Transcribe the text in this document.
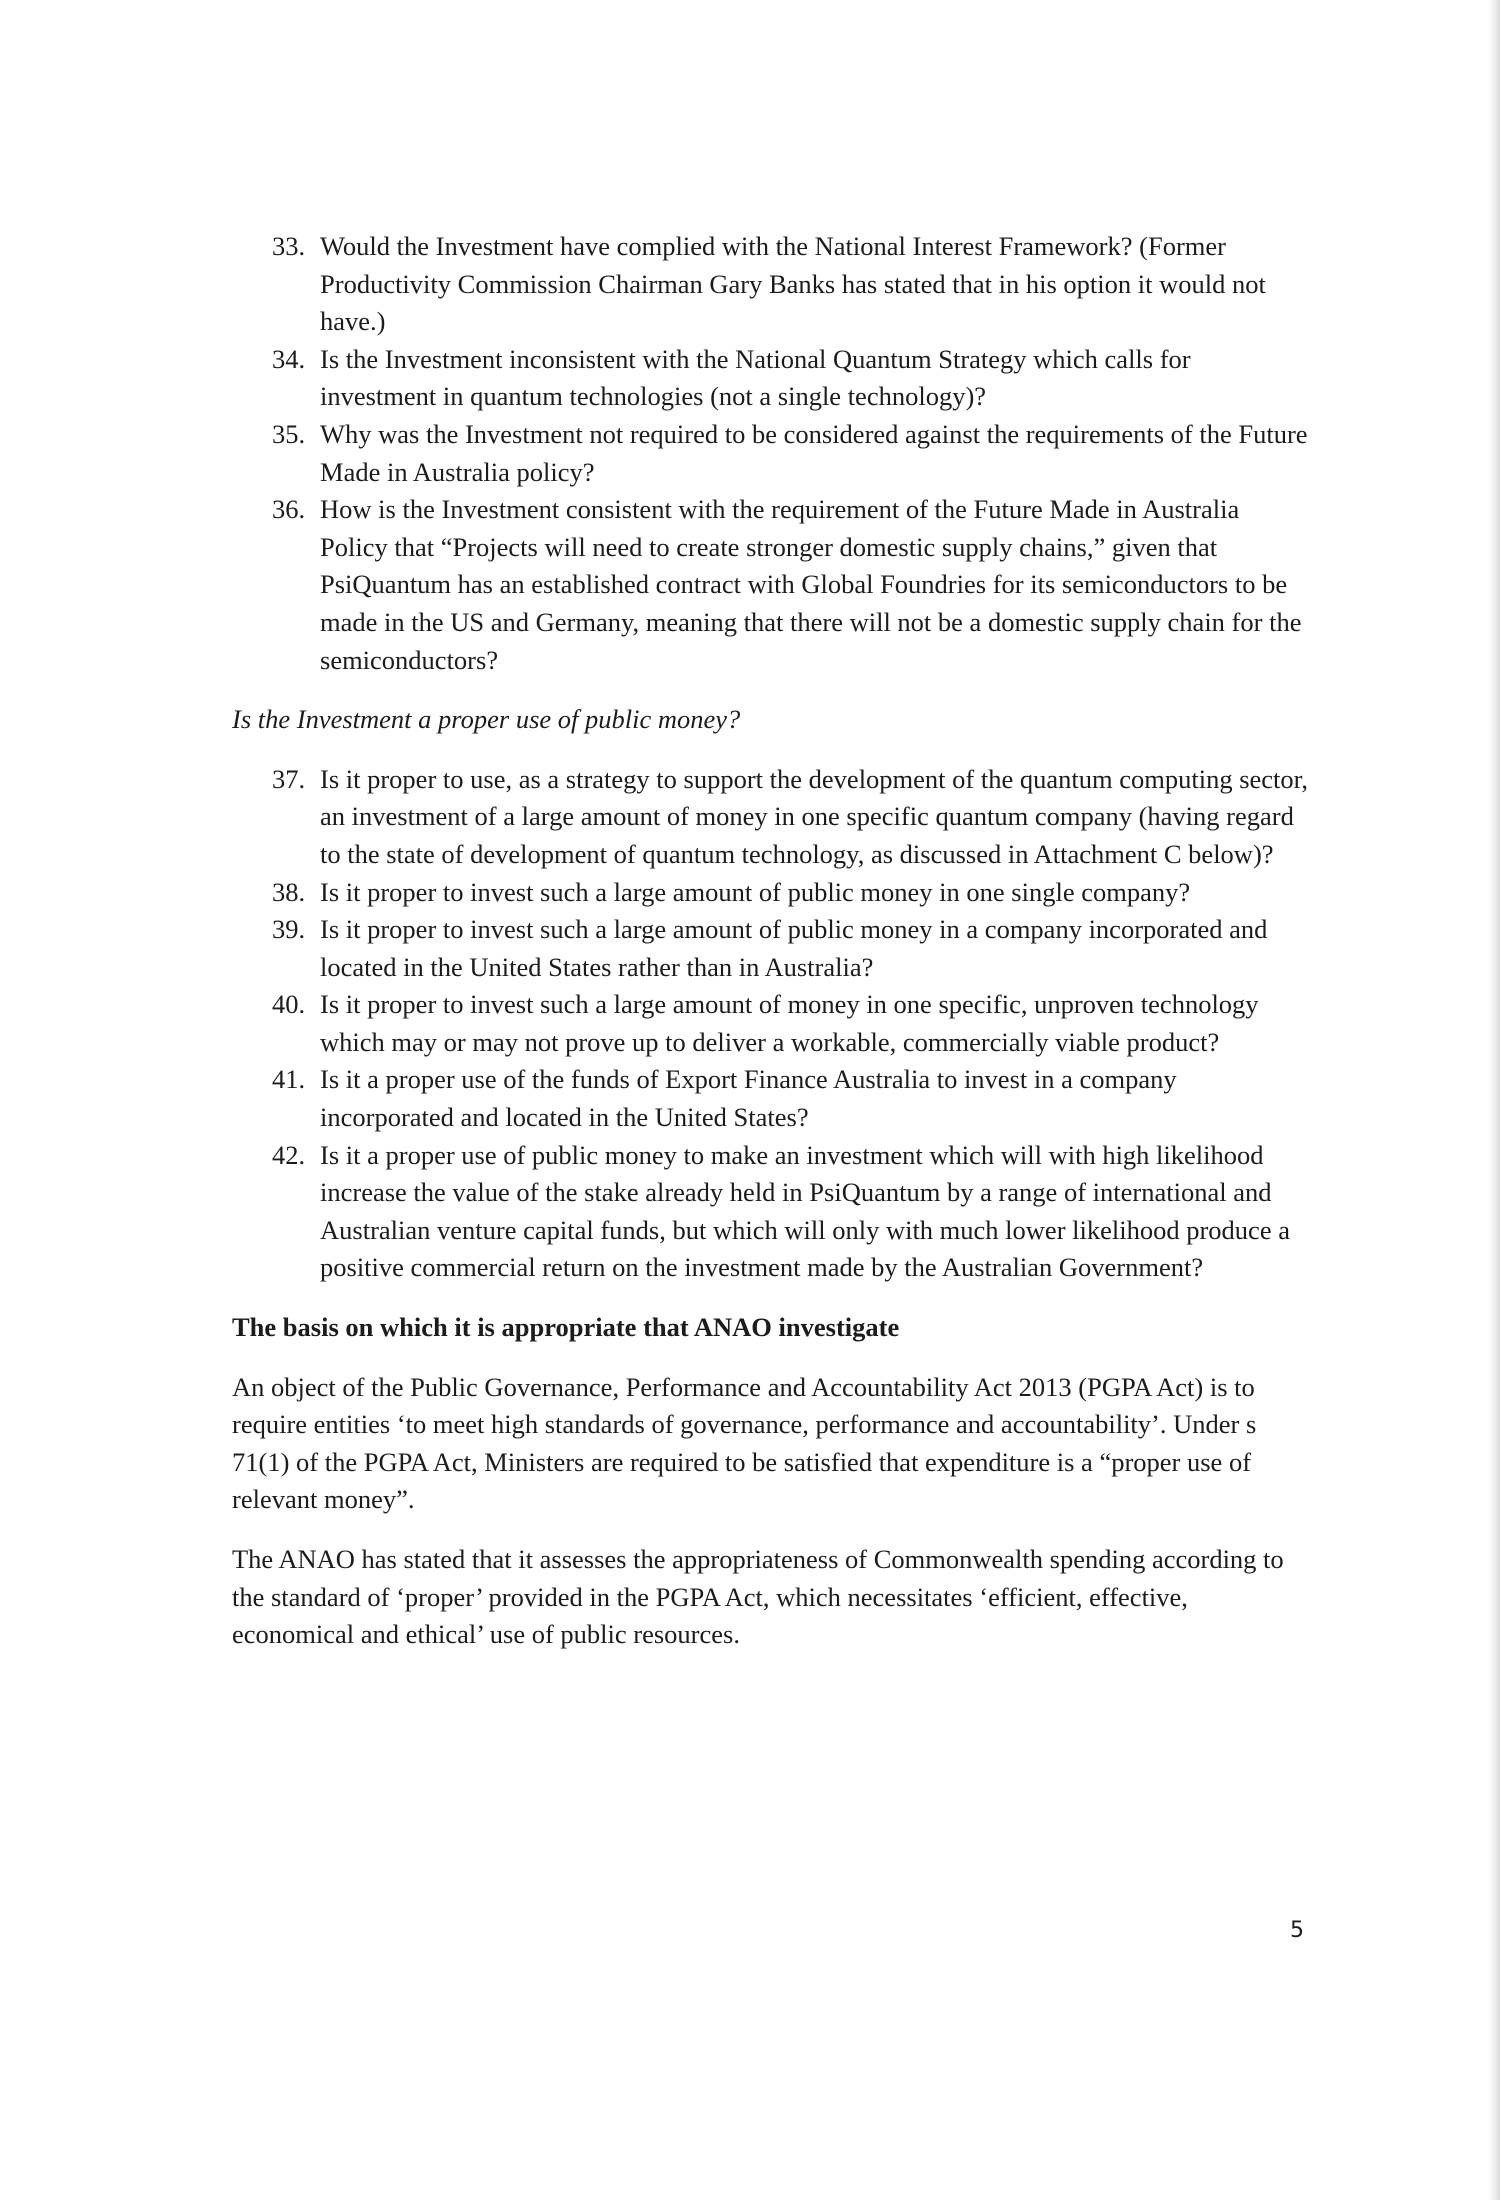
33. Would the Investment have complied with the National Interest Framework? (Former Productivity Commission Chairman Gary Banks has stated that in his option it would not have.)
34. Is the Investment inconsistent with the National Quantum Strategy which calls for investment in quantum technologies (not a single technology)?
35. Why was the Investment not required to be considered against the requirements of the Future Made in Australia policy?
36. How is the Investment consistent with the requirement of the Future Made in Australia Policy that “Projects will need to create stronger domestic supply chains,” given that PsiQuantum has an established contract with Global Foundries for its semiconductors to be made in the US and Germany, meaning that there will not be a domestic supply chain for the semiconductors?
Is the Investment a proper use of public money?
37. Is it proper to use, as a strategy to support the development of the quantum computing sector, an investment of a large amount of money in one specific quantum company (having regard to the state of development of quantum technology, as discussed in Attachment C below)?
38. Is it proper to invest such a large amount of public money in one single company?
39. Is it proper to invest such a large amount of public money in a company incorporated and located in the United States rather than in Australia?
40. Is it proper to invest such a large amount of money in one specific, unproven technology which may or may not prove up to deliver a workable, commercially viable product?
41. Is it a proper use of the funds of Export Finance Australia to invest in a company incorporated and located in the United States?
42. Is it a proper use of public money to make an investment which will with high likelihood increase the value of the stake already held in PsiQuantum by a range of international and Australian venture capital funds, but which will only with much lower likelihood produce a positive commercial return on the investment made by the Australian Government?
The basis on which it is appropriate that ANAO investigate

An object of the Public Governance, Performance and Accountability Act 2013 (PGPA Act) is to require entities ‘to meet high standards of governance, performance and accountability’. Under s 71(1) of the PGPA Act, Ministers are required to be satisfied that expenditure is a “proper use of relevant money”.

The ANAO has stated that it assesses the appropriateness of Commonwealth spending according to the standard of ‘proper’ provided in the PGPA Act, which necessitates ‘efficient, effective, economical and ethical’ use of public resources.

5
